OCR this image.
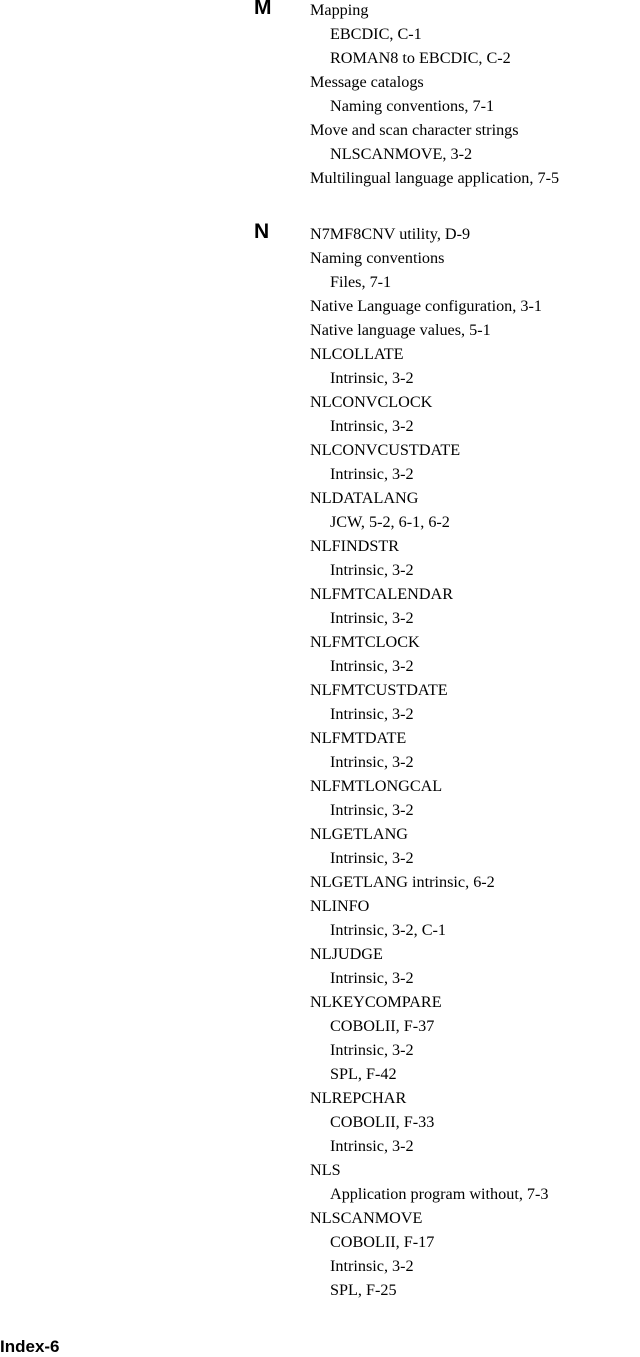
M Mapping
EBCDIC, C-1
ROMAN8 to EBCDIC, C-2
Message catalogs
Naming conventions, 7-1
Move and scan character strings
NLSCANMOVE, 3-2
Multilingual language application, 7-5
N	N7MF8CNV utility, D-9
Naming conventions
Files, 7-1
Native Language configuration, 3-1
Native language values, 5-1
NLCOLLATE
Intrinsic, 3-2
NLCONVCLOCK
Intrinsic, 3-2
NLCONVCUSTDATE
Intrinsic, 3-2
NLDATALANG
JCW, 5-2, 6-1, 6-2
NLFINDSTR
Intrinsic, 3-2
NLFMTCALENDAR
Intrinsic, 3-2
NLFMTCLOCK
Intrinsic, 3-2
NLFMTCUSTDATE
Intrinsic, 3-2
NLFMTDATE
Intrinsic, 3-2
NLFMTLONGCAL
Intrinsic, 3-2
NLGETLANG
Intrinsic, 3-2
NLGETLANG intrinsic, 6-2
NLINFO
Intrinsic, 3-2, C-1
NLJUDGE
Intrinsic, 3-2
NLKEYCOMPARE
COBOLII, F-37
Intrinsic, 3-2
SPL, F-42
NLREPCHAR
COBOLII, F-33
Intrinsic, 3-2
NLS
Application program without, 7-3
NLSCANMOVE
COBOLII, F-17
Intrinsic, 3-2
SPL, F-25
Index-6
